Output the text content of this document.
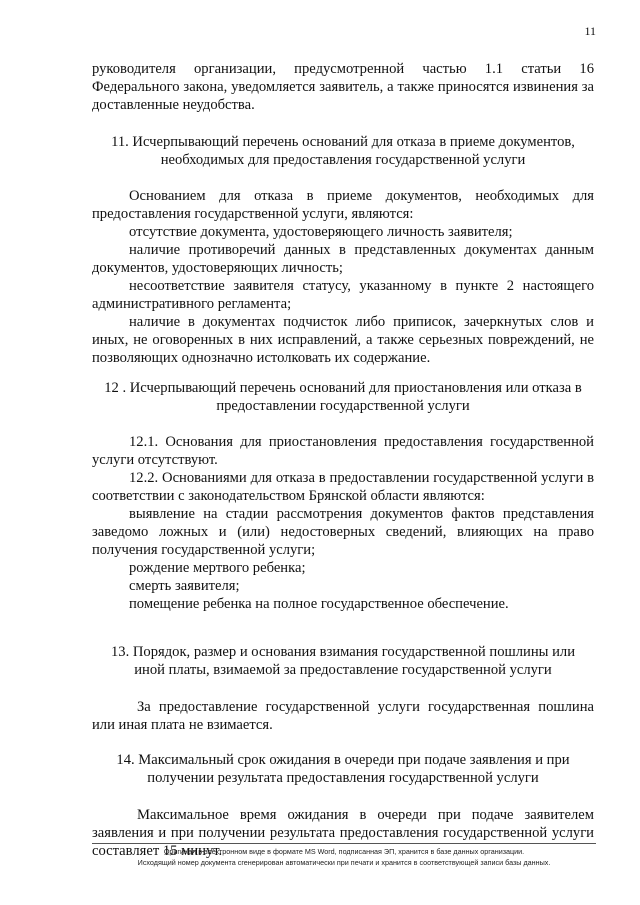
11

руководителя организации, предусмотренной частью 1.1 статьи 16 Федерального закона, уведомляется заявитель, а также приносятся извинения за доставленные неудобства.

11. Исчерпывающий перечень оснований для отказа в приеме документов, необходимых для предоставления государственной услуги

Основанием для отказа в приеме документов, необходимых для предоставления государственной услуги, являются:

отсутствие документа, удостоверяющего личность заявителя;

наличие противоречий данных в представленных документах данным документов, удостоверяющих личность;

несоответствие заявителя статусу, указанному в пункте 2 настоящего административного регламента;

наличие в документах подчисток либо приписок, зачеркнутых слов и иных, не оговоренных в них исправлений, а также серьезных повреждений, не позволяющих однозначно истолковать их содержание.

12 . Исчерпывающий перечень оснований для приостановления или отказа в предоставлении государственной услуги

12.1. Основания для приостановления предоставления государственной услуги отсутствуют.

12.2. Основаниями для отказа в предоставлении государственной услуги в соответствии с законодательством Брянской области являются:

выявление на стадии рассмотрения документов фактов представления заведомо ложных и (или) недостоверных сведений, влияющих на право получения государственной услуги;

рождение мертвого ребенка;

смерть заявителя;

помещение ребенка на полное государственное обеспечение.

13. Порядок, размер и основания взимания государственной пошлины или иной платы, взимаемой за предоставление государственной услуги

За предоставление государственной услуги государственная пошлина или иная плата не взимается.

14. Максимальный срок ожидания в очереди при подаче заявления и при получении результата предоставления государственной услуги

Максимальное время ожидания в очереди при подаче заявителем заявления и при получении результата предоставления государственной услуги составляет 15 минут.

Оригинал в электронном виде в формате MS Word, подписанная ЭП, хранится в базе данных организации.
Исходящий номер документа сгенерирован автоматически при печати и хранится в соответствующей записи базы данных.
